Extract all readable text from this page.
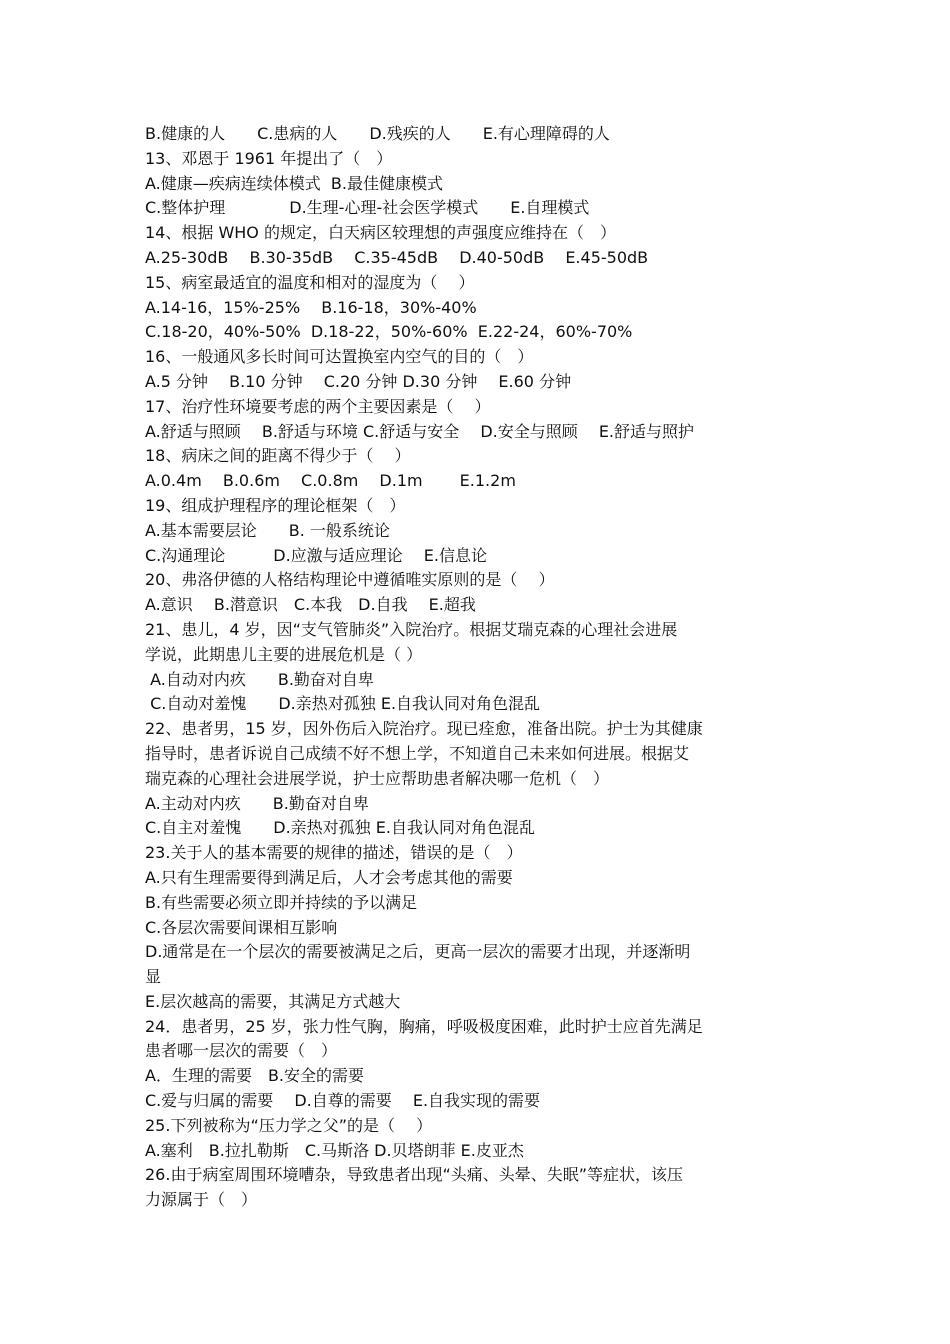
B.健康的人　　C.患病的人　　D.残疾的人　　E.有心理障碍的人
13、邓恩于 1961 年提出了（　）
A.健康—疾病连续体模式  B.最佳健康模式
C.整体护理　　　　D.生理-心理-社会医学模式　　E.自理模式
14、根据 WHO 的规定，白天病区较理想的声强度应维持在（　）
A.25-30dB　 B.30-35dB　 C.35-45dB　 D.40-50dB　 E.45-50dB
15、病室最适宜的温度和相对的湿度为（　 ）
A.14-16，15%-25%　 B.16-18，30%-40%
C.18-20，40%-50%  D.18-22，50%-60%  E.22-24，60%-70%
16、一般通风多长时间可达置换室内空气的目的（　）
A.5 分钟　 B.10 分钟　 C.20 分钟 D.30 分钟　 E.60 分钟
17、治疗性环境要考虑的两个主要因素是（　 ）
A.舒适与照顾　 B.舒适与环境 C.舒适与安全　 D.安全与照顾　 E.舒适与照护
18、病床之间的距离不得少于（　 ）
A.0.4m　 B.0.6m　 C.0.8m　 D.1m　　 E.1.2m
19、组成护理程序的理论框架（　）
A.基本需要层论　　B. 一般系统论
C.沟通理论　　　D.应激与适应理论　 E.信息论
20、弗洛伊德的人格结构理论中遵循唯实原则的是（　 ）
A.意识　 B.潜意识　C.本我　D.自我　 E.超我
21、患儿，4 岁，因“支气管肺炎”入院治疗。根据艾瑞克森的心理社会进展
学说，此期患儿主要的进展危机是（ ）
A.自动对内疚　　B.勤奋对自卑
C.自动对羞愧　　D.亲热对孤独 E.自我认同对角色混乱
22、患者男，15 岁，因外伤后入院治疗。现已痊愈，准备出院。护士为其健康
指导时，患者诉说自己成绩不好不想上学，不知道自己未来如何进展。根据艾
瑞克森的心理社会进展学说，护士应帮助患者解决哪一危机（　）
A.主动对内疚　　B.勤奋对自卑
C.自主对羞愧　　D.亲热对孤独 E.自我认同对角色混乱
23.关于人的基本需要的规律的描述，错误的是（　）
A.只有生理需要得到满足后，人才会考虑其他的需要
B.有些需要必须立即并持续的予以满足
C.各层次需要间课相互影响
D.通常是在一个层次的需要被满足之后，更高一层次的需要才出现，并逐渐明
显
E.层次越高的需要，其满足方式越大
24．患者男，25 岁，张力性气胸，胸痛，呼吸极度困难，此时护士应首先满足
患者哪一层次的需要（　）
A．生理的需要　B.安全的需要
C.爱与归属的需要　 D.自尊的需要　 E.自我实现的需要
25.下列被称为“压力学之父”的是（　 ）
A.塞利　B.拉扎勒斯　C.马斯洛 D.贝塔朗菲 E.皮亚杰
26.由于病室周围环境嘈杂，导致患者出现“头痛、头晕、失眠”等症状，该压
力源属于（　）
